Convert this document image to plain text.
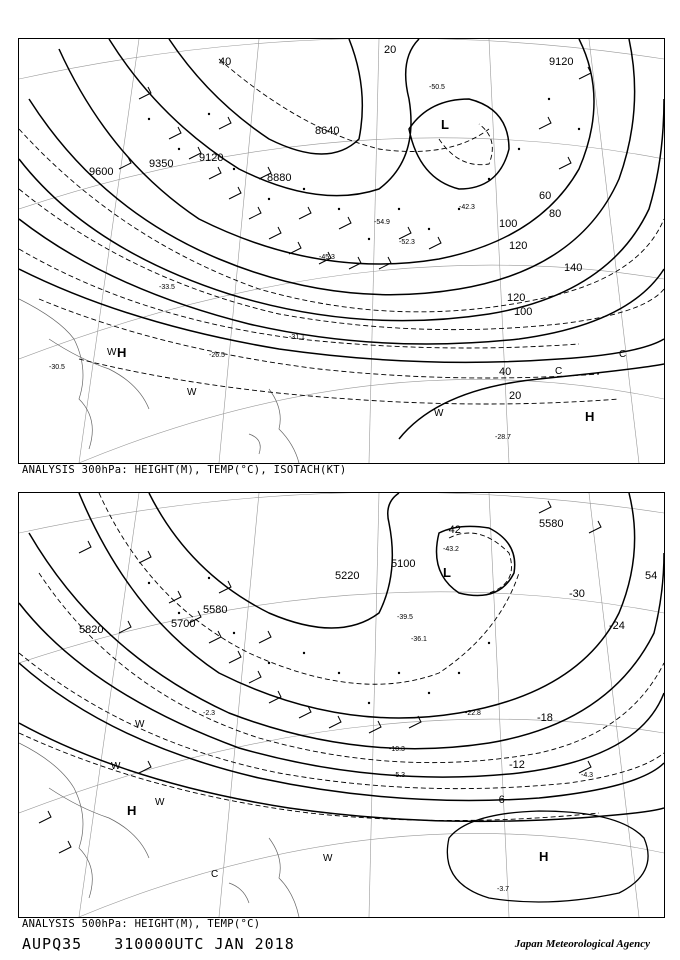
9120
8640
8880
9350
9600
9120
20
40
60
80
100
120
140
40
20
100
120
L
H
H
W
W
W
C
C
-50.5
-54.9
-30.5
-33.5
-31.1
-26.5
-28.7
-45.3
-52.3
-42.3
ANALYSIS 300hPa: HEIGHT(M), TEMP(°C), ISOTACH(KT)
5580
5220
5100
5580
5700
5820
54
-42
-30
-24
-18
-12
-6
L
H
H
W
W
W
C
W
-43.2
-39.5
-36.1
-22.8
-10.3
-5.3
-3.7
-4.3
-2.3
ANALYSIS 500hPa: HEIGHT(M), TEMP(°C)
AUPQ35 310000UTC JAN 2018	Japan Meteorological Agency
